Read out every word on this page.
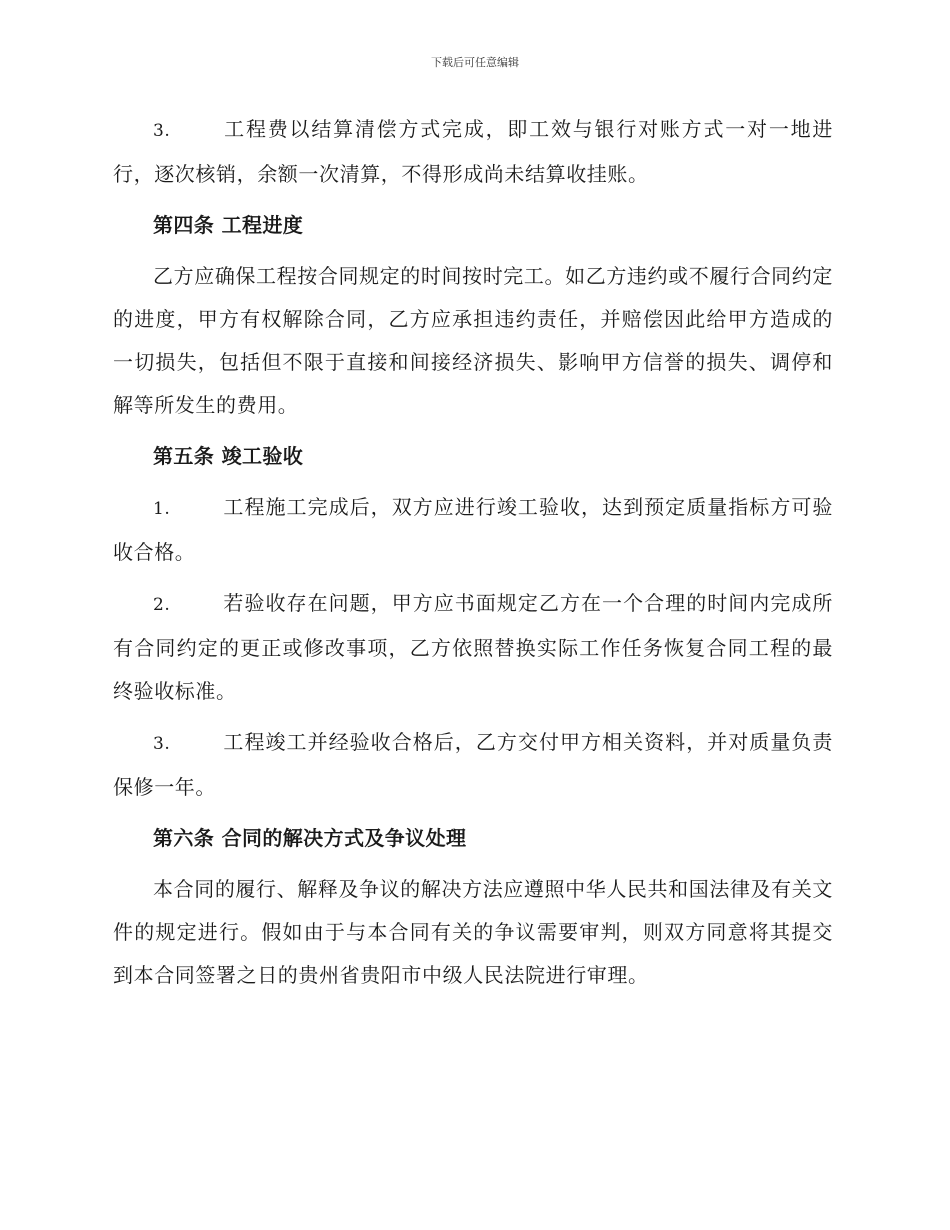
下载后可任意编辑

3.	工程费以结算清偿方式完成，即工效与银行对账方式一对一地进行，逐次核销，余额一次清算，不得形成尚未结算收挂账。

第四条 工程进度

乙方应确保工程按合同规定的时间按时完工。如乙方违约或不履行合同约定的进度，甲方有权解除合同，乙方应承担违约责任，并赔偿因此给甲方造成的一切损失，包括但不限于直接和间接经济损失、影响甲方信誉的损失、调停和解等所发生的费用。

第五条 竣工验收

1.	工程施工完成后，双方应进行竣工验收，达到预定质量指标方可验收合格。

2.	若验收存在问题，甲方应书面规定乙方在一个合理的时间内完成所有合同约定的更正或修改事项，乙方依照替换实际工作任务恢复合同工程的最终验收标准。

3.	工程竣工并经验收合格后，乙方交付甲方相关资料，并对质量负责保修一年。

第六条 合同的解决方式及争议处理

本合同的履行、解释及争议的解决方法应遵照中华人民共和国法律及有关文件的规定进行。假如由于与本合同有关的争议需要审判，则双方同意将其提交到本合同签署之日的贵州省贵阳市中级人民法院进行审理。
